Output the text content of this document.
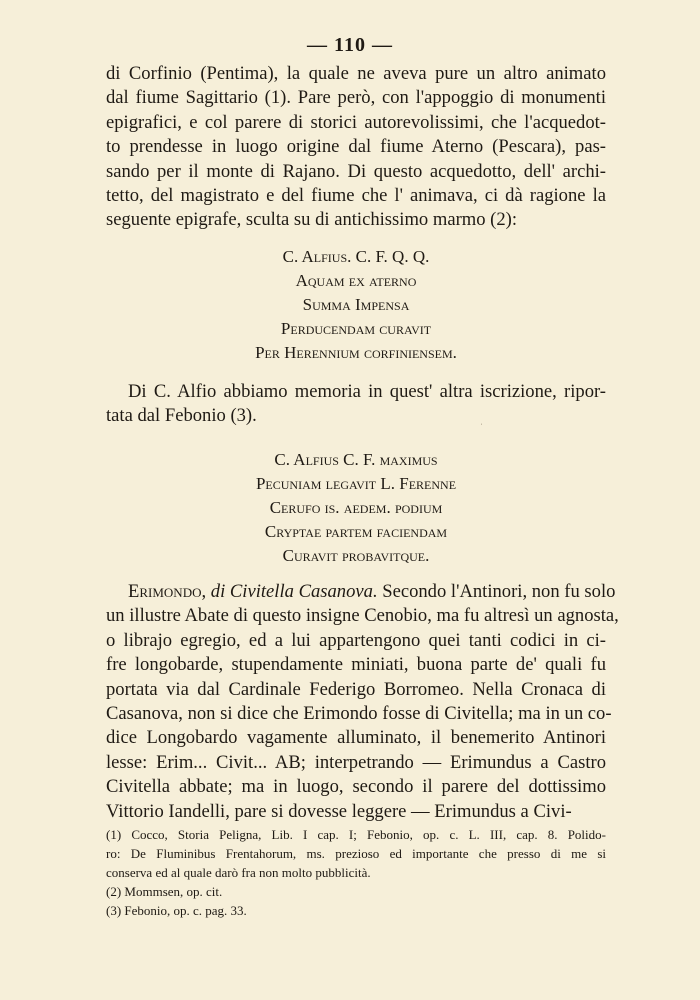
— 110 —
di Corfinio (Pentima), la quale ne aveva pure un altro animato
dal fiume Sagittario (1). Pare però, con l'appoggio di monumenti
epigrafici, e col parere di storici autorevolissimi, che l'acquedot-
to prendesse in luogo origine dal fiume Aterno (Pescara), pas-
sando per il monte di Rajano. Di questo acquedotto, dell' archi-
tetto, del magistrato e del fiume che l' animava, ci dà ragione la
seguente epigrafe, sculta su di antichissimo marmo (2):
C. Alfius. C. F. Q. Q.
Aquam ex aterno
Summa Impensa
Perducendam curavit
Per Herennium corfiniensem.
Di C. Alfio abbiamo memoria in quest' altra iscrizione, ripor-
tata dal Febonio (3).
ˈ
C. Alfius C. F. maximus
Pecuniam legavit L. Ferenne
Cerufo is. aedem. podium
Cryptae partem faciendam
Curavit probavitque.
Erimondo, di Civitella Casanova. Secondo l'Antinori, non fu solo
un illustre Abate di questo insigne Cenobio, ma fu altresì un agnosta,
o librajo egregio, ed a lui appartengono quei tanti codici in ci-
fre longobarde, stupendamente miniati, buona parte de' quali fu
portata via dal Cardinale Federigo Borromeo. Nella Cronaca di
Casanova, non si dice che Erimondo fosse di Civitella; ma in un co-
dice Longobardo vagamente alluminato, il benemerito Antinori
lesse: Erim... Civit... AB; interpetrando — Erimundus a Castro
Civitella abbate; ma in luogo, secondo il parere del dottissimo
Vittorio Iandelli, pare si dovesse leggere — Erimundus a Civi-
(1) Cocco, Storia Peligna, Lib. I cap. I; Febonio, op. c. L. III, cap. 8. Polido-
ro: De Fluminibus Frentahorum, ms. prezioso ed importante che presso di me si
conserva ed al quale darò fra non molto pubblicità.
(2) Mommsen, op. cit.
(3) Febonio, op. c. pag. 33.
